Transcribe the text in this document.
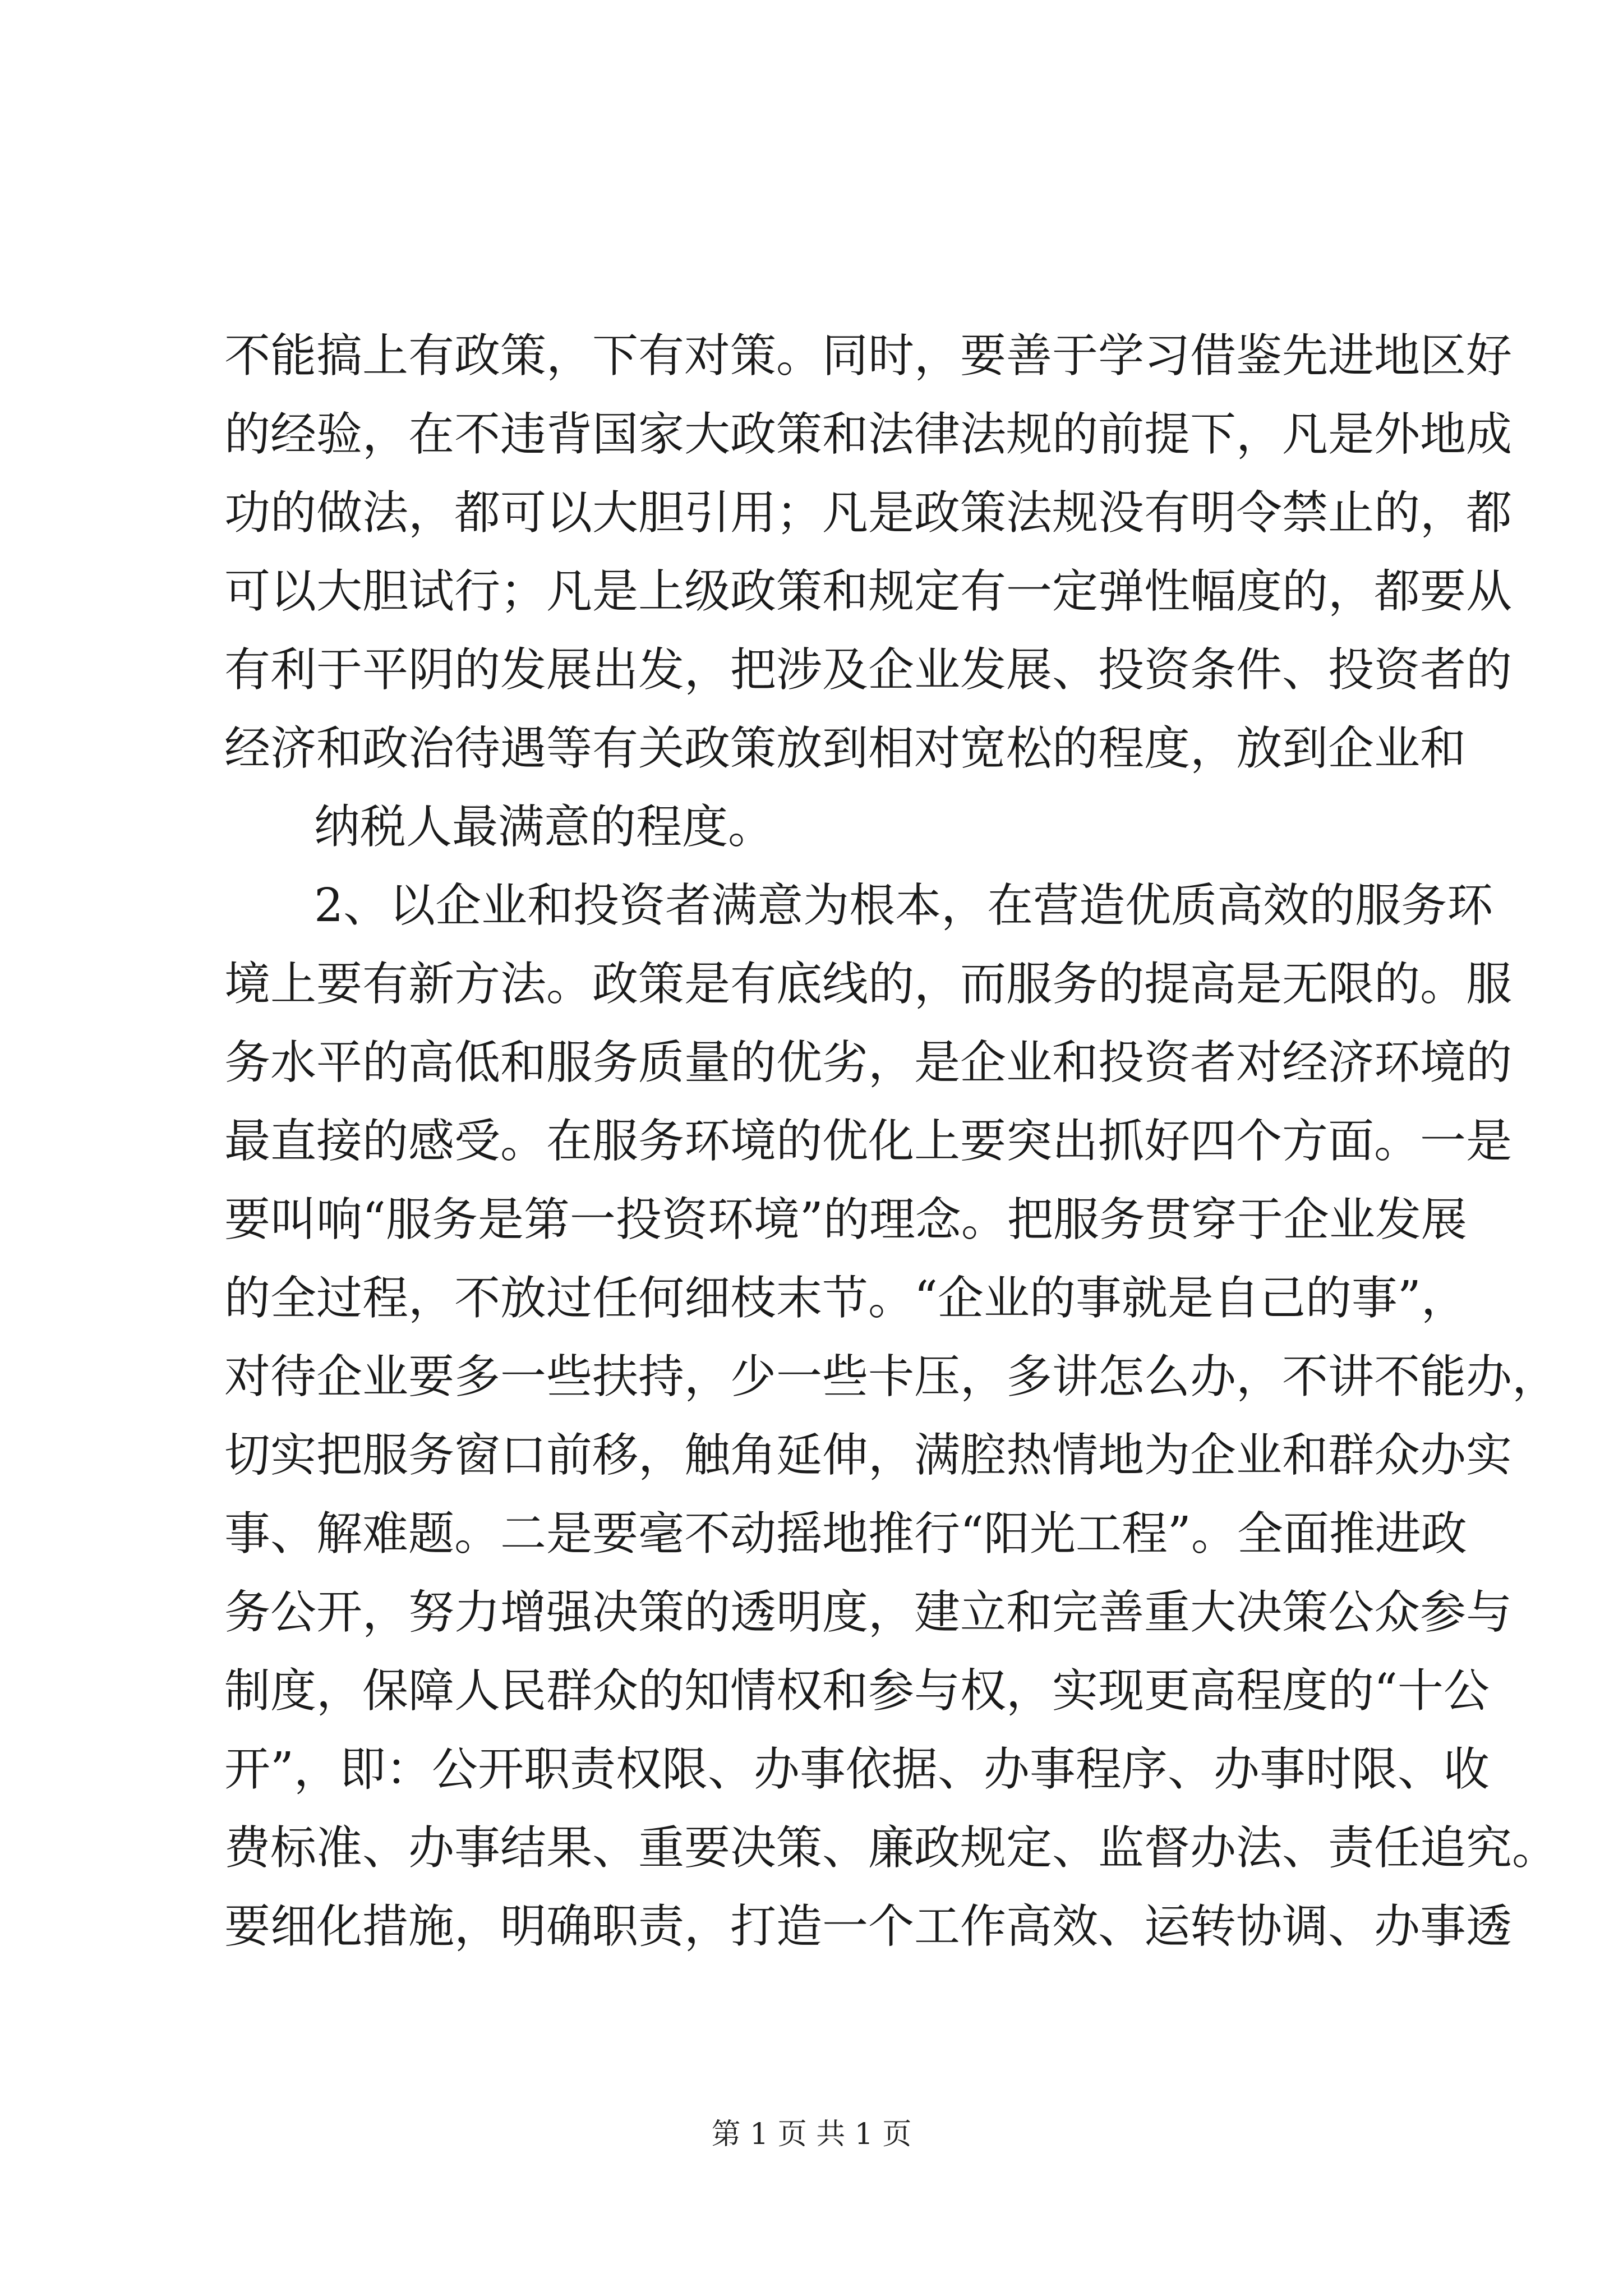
不能搞上有政策，下有对策。同时，要善于学习借鉴先进地区好
的经验，在不违背国家大政策和法律法规的前提下，凡是外地成
功的做法，都可以大胆引用；凡是政策法规没有明令禁止的，都
可以大胆试行；凡是上级政策和规定有一定弹性幅度的，都要从
有利于平阴的发展出发，把涉及企业发展、投资条件、投资者的
经济和政治待遇等有关政策放到相对宽松的程度，放到企业和
纳税人最满意的程度。
2、以企业和投资者满意为根本，在营造优质高效的服务环
境上要有新方法。政策是有底线的，而服务的提高是无限的。服
务水平的高低和服务质量的优劣，是企业和投资者对经济环境的
最直接的感受。在服务环境的优化上要突出抓好四个方面。一是
要叫响“服务是第一投资环境”的理念。把服务贯穿于企业发展
的全过程，不放过任何细枝末节。“企业的事就是自己的事”，
对待企业要多一些扶持，少一些卡压，多讲怎么办，不讲不能办，
切实把服务窗口前移，触角延伸，满腔热情地为企业和群众办实
事、解难题。二是要毫不动摇地推行“阳光工程”。全面推进政
务公开，努力增强决策的透明度，建立和完善重大决策公众参与
制度，保障人民群众的知情权和参与权，实现更高程度的“十公
开”，即：公开职责权限、办事依据、办事程序、办事时限、收
费标准、办事结果、重要决策、廉政规定、监督办法、责任追究。
要细化措施，明确职责，打造一个工作高效、运转协调、办事透
第 1 页 共 1 页
